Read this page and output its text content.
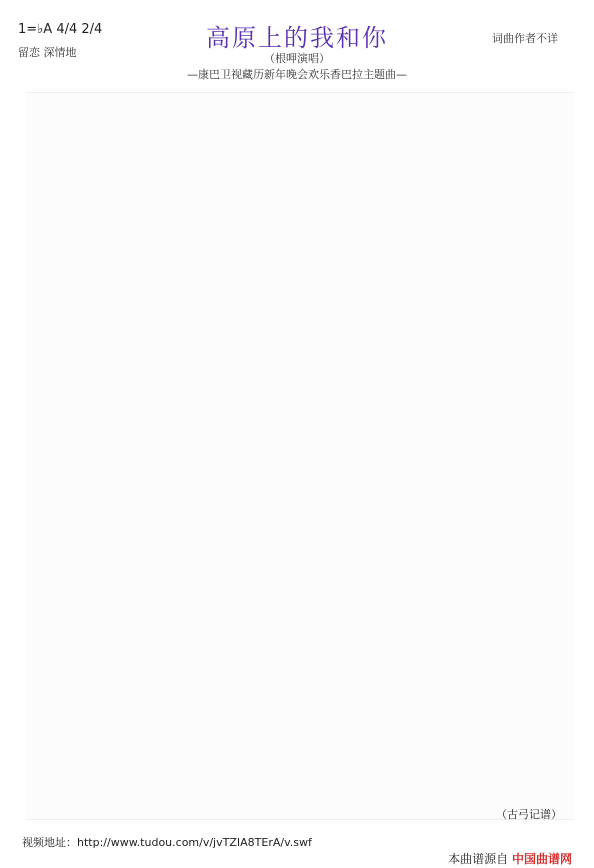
1=♭A 4/4 2/4
留恋 深情地
高原上的我和你
（根呷演唱）
词曲作者不详
—康巴卫视藏历新年晚会欢乐香巴拉主题曲—
（古弓记谱）
视频地址：http://www.tudou.com/v/jvTZIA8TErA/v.swf
本曲谱源自 中国曲谱网
